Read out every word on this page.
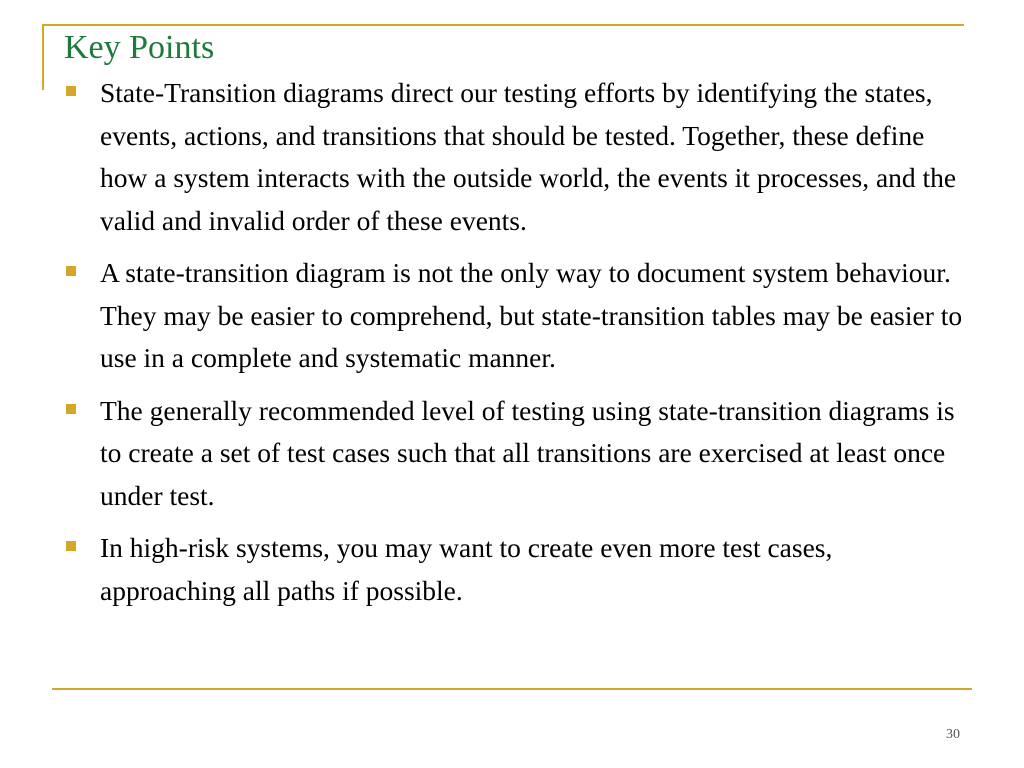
Key Points
State-Transition diagrams direct our testing efforts by identifying the states, events, actions, and transitions that should be tested. Together, these define how a system interacts with the outside world, the events it processes, and the valid and invalid order of these events.
A state-transition diagram is not the only way to document system behaviour. They may be easier to comprehend, but state-transition tables may be easier to use in a complete and systematic manner.
The generally recommended level of testing using state-transition diagrams is to create a set of test cases such that all transitions are exercised at least once under test.
In high-risk systems, you may want to create even more test cases, approaching all paths if possible.
30
